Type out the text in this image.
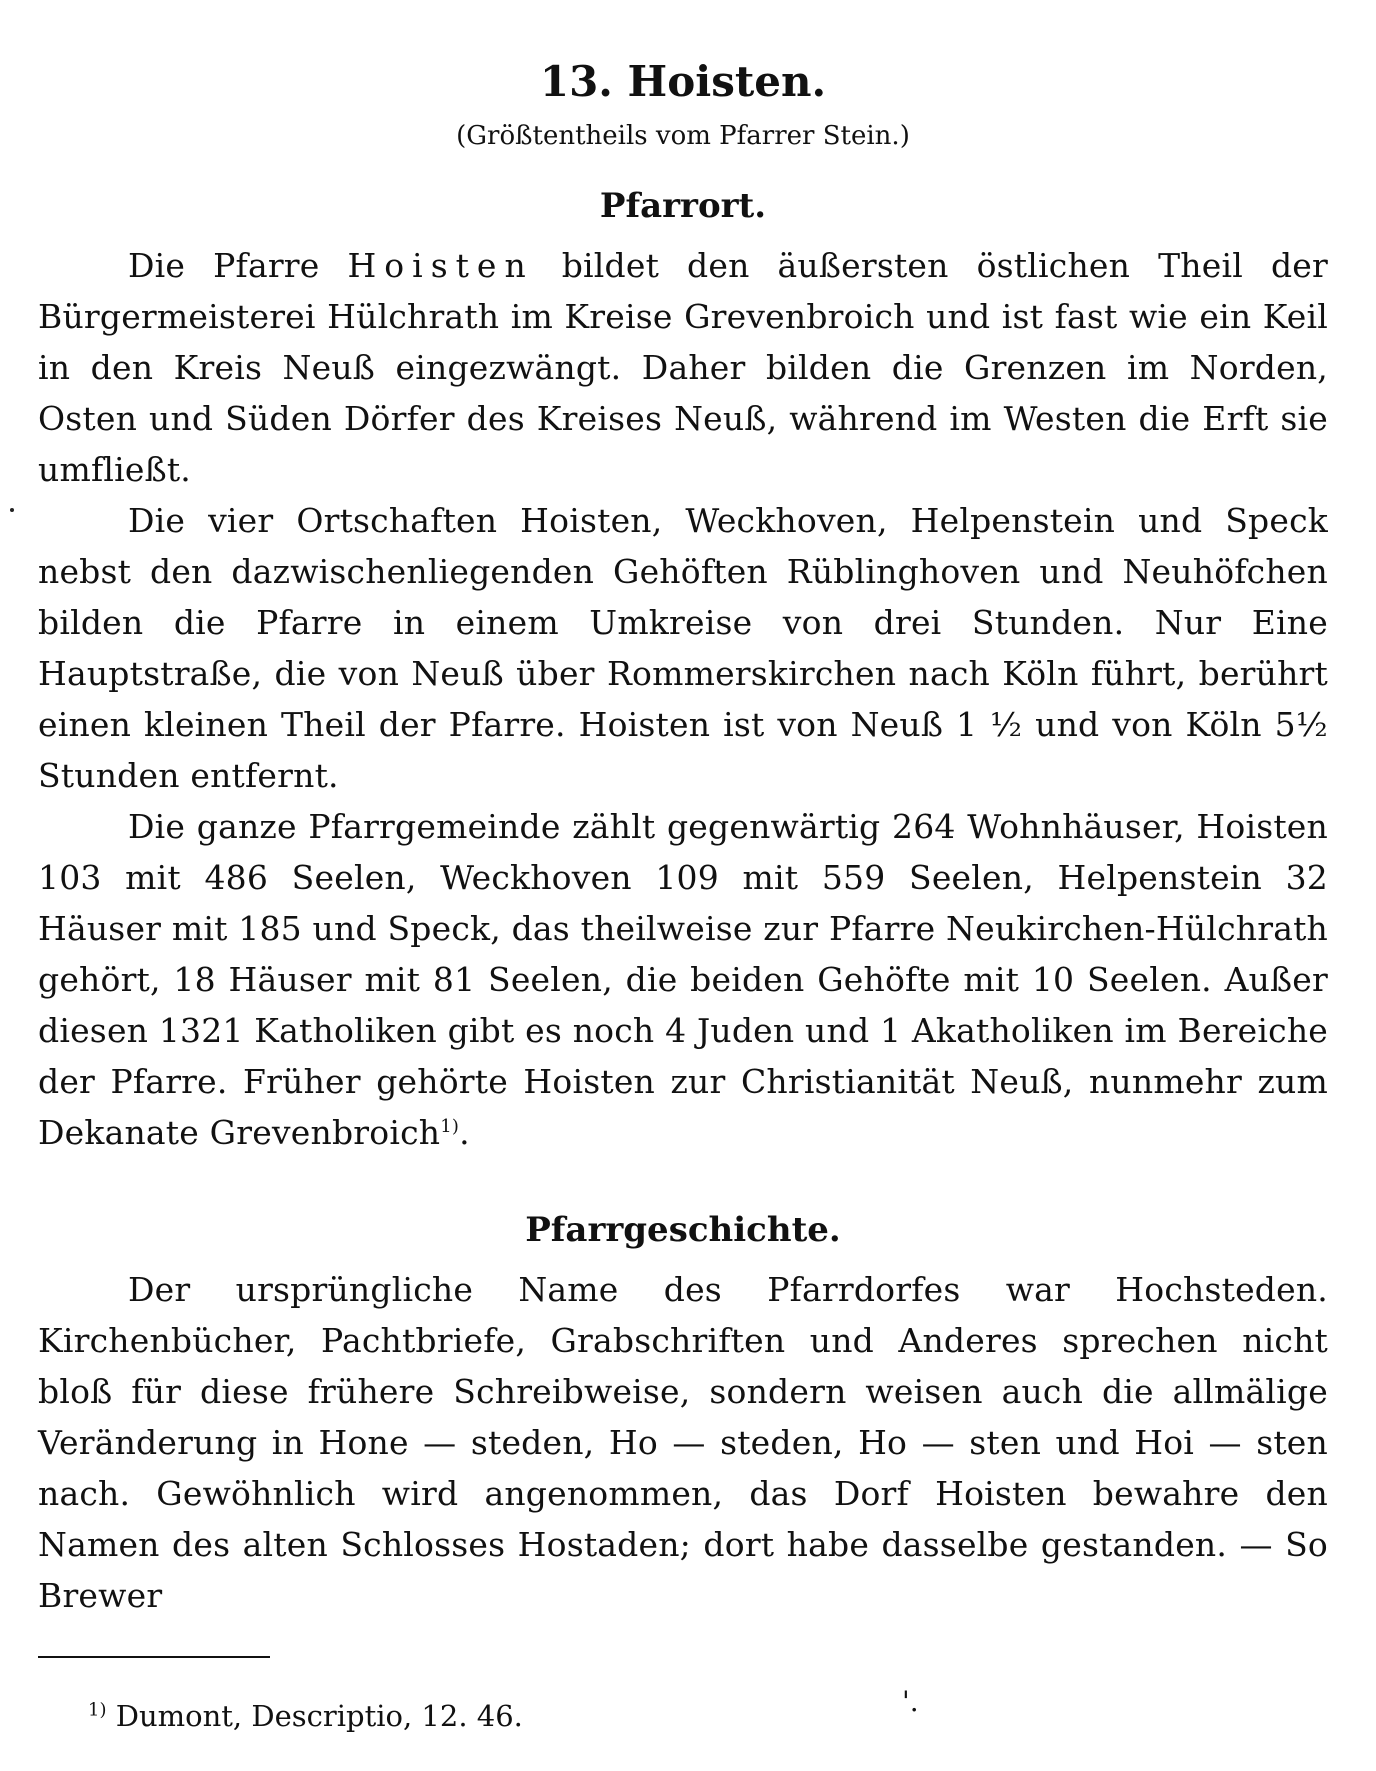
13. Hoisten.
(Größtentheils vom Pfarrer Stein.)
Pfarrort.

Die Pfarre Hoisten bildet den äußersten östlichen Theil der Bürgermeisterei Hülchrath im Kreise Grevenbroich und ist fast wie ein Keil in den Kreis Neuß eingezwängt. Daher bilden die Grenzen im Norden, Osten und Süden Dörfer des Kreises Neuß, während im Westen die Erft sie umfließt.

Die vier Ortschaften Hoisten, Weckhoven, Helpenstein und Speck nebst den dazwischenliegenden Gehöften Rüblinghoven und Neuhöfchen bilden die Pfarre in einem Umkreise von drei Stunden. Nur Eine Hauptstraße, die von Neuß über Rommerskirchen nach Köln führt, berührt einen kleinen Theil der Pfarre. Hoisten ist von Neuß 1 ½ und von Köln 5½ Stunden entfernt.

Die ganze Pfarrgemeinde zählt gegenwärtig 264 Wohnhäuser, Hoisten 103 mit 486 Seelen, Weckhoven 109 mit 559 Seelen, Helpenstein 32 Häuser mit 185 und Speck, das theilweise zur Pfarre Neukirchen-Hülchrath gehört, 18 Häuser mit 81 Seelen, die beiden Gehöfte mit 10 Seelen. Außer diesen 1321 Katholiken gibt es noch 4 Juden und 1 Akatholiken im Bereiche der Pfarre. Früher gehörte Hoisten zur Christianität Neuß, nunmehr zum Dekanate Grevenbroich$^{1)}$.

Pfarrgeschichte.

Der ursprüngliche Name des Pfarrdorfes war Hochsteden. Kirchenbücher, Pachtbriefe, Grabschriften und Anderes sprechen nicht bloß für diese frühere Schreibweise, sondern weisen auch die allmälige Veränderung in Hone — steden, Ho — steden, Ho — sten und Hoi — sten nach. Gewöhnlich wird angenommen, das Dorf Hoisten bewahre den Namen des alten Schlosses Hostaden; dort habe dasselbe gestanden. — So Brewer

$^{1)}$ Dumont, Descriptio, 12. 46.	'.
